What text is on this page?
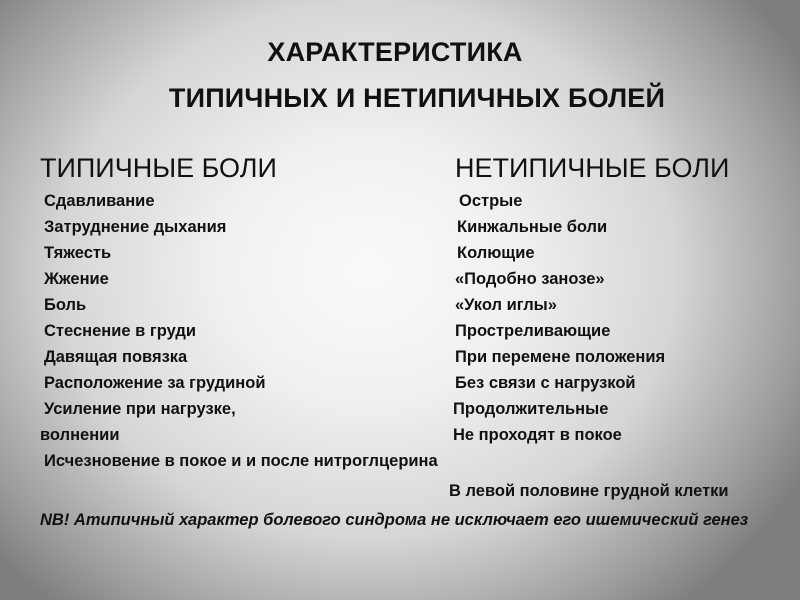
ХАРАКТЕРИСТИКА
ТИПИЧНЫХ И НЕТИПИЧНЫХ БОЛЕЙ
ТИПИЧНЫЕ БОЛИ	НЕТИПИЧНЫЕ БОЛИ
Сдавливание
Затруднение дыхания
Тяжесть
Жжение
Боль
Стеснение в груди
Давящая повязка
Расположение за грудиной
Усиление при нагрузке,
волнении
Исчезновение в покое и и после нитроглцерина
Острые
Кинжальные боли
Колющие
«Подобно занозе»
«Укол иглы»
Простреливающие
При перемене положения
Без связи с нагрузкой
Продолжительные
Не проходят в покое
В левой половине грудной клетки
NB! Атипичный характер болевого синдрома не исключает его ишемический генез
